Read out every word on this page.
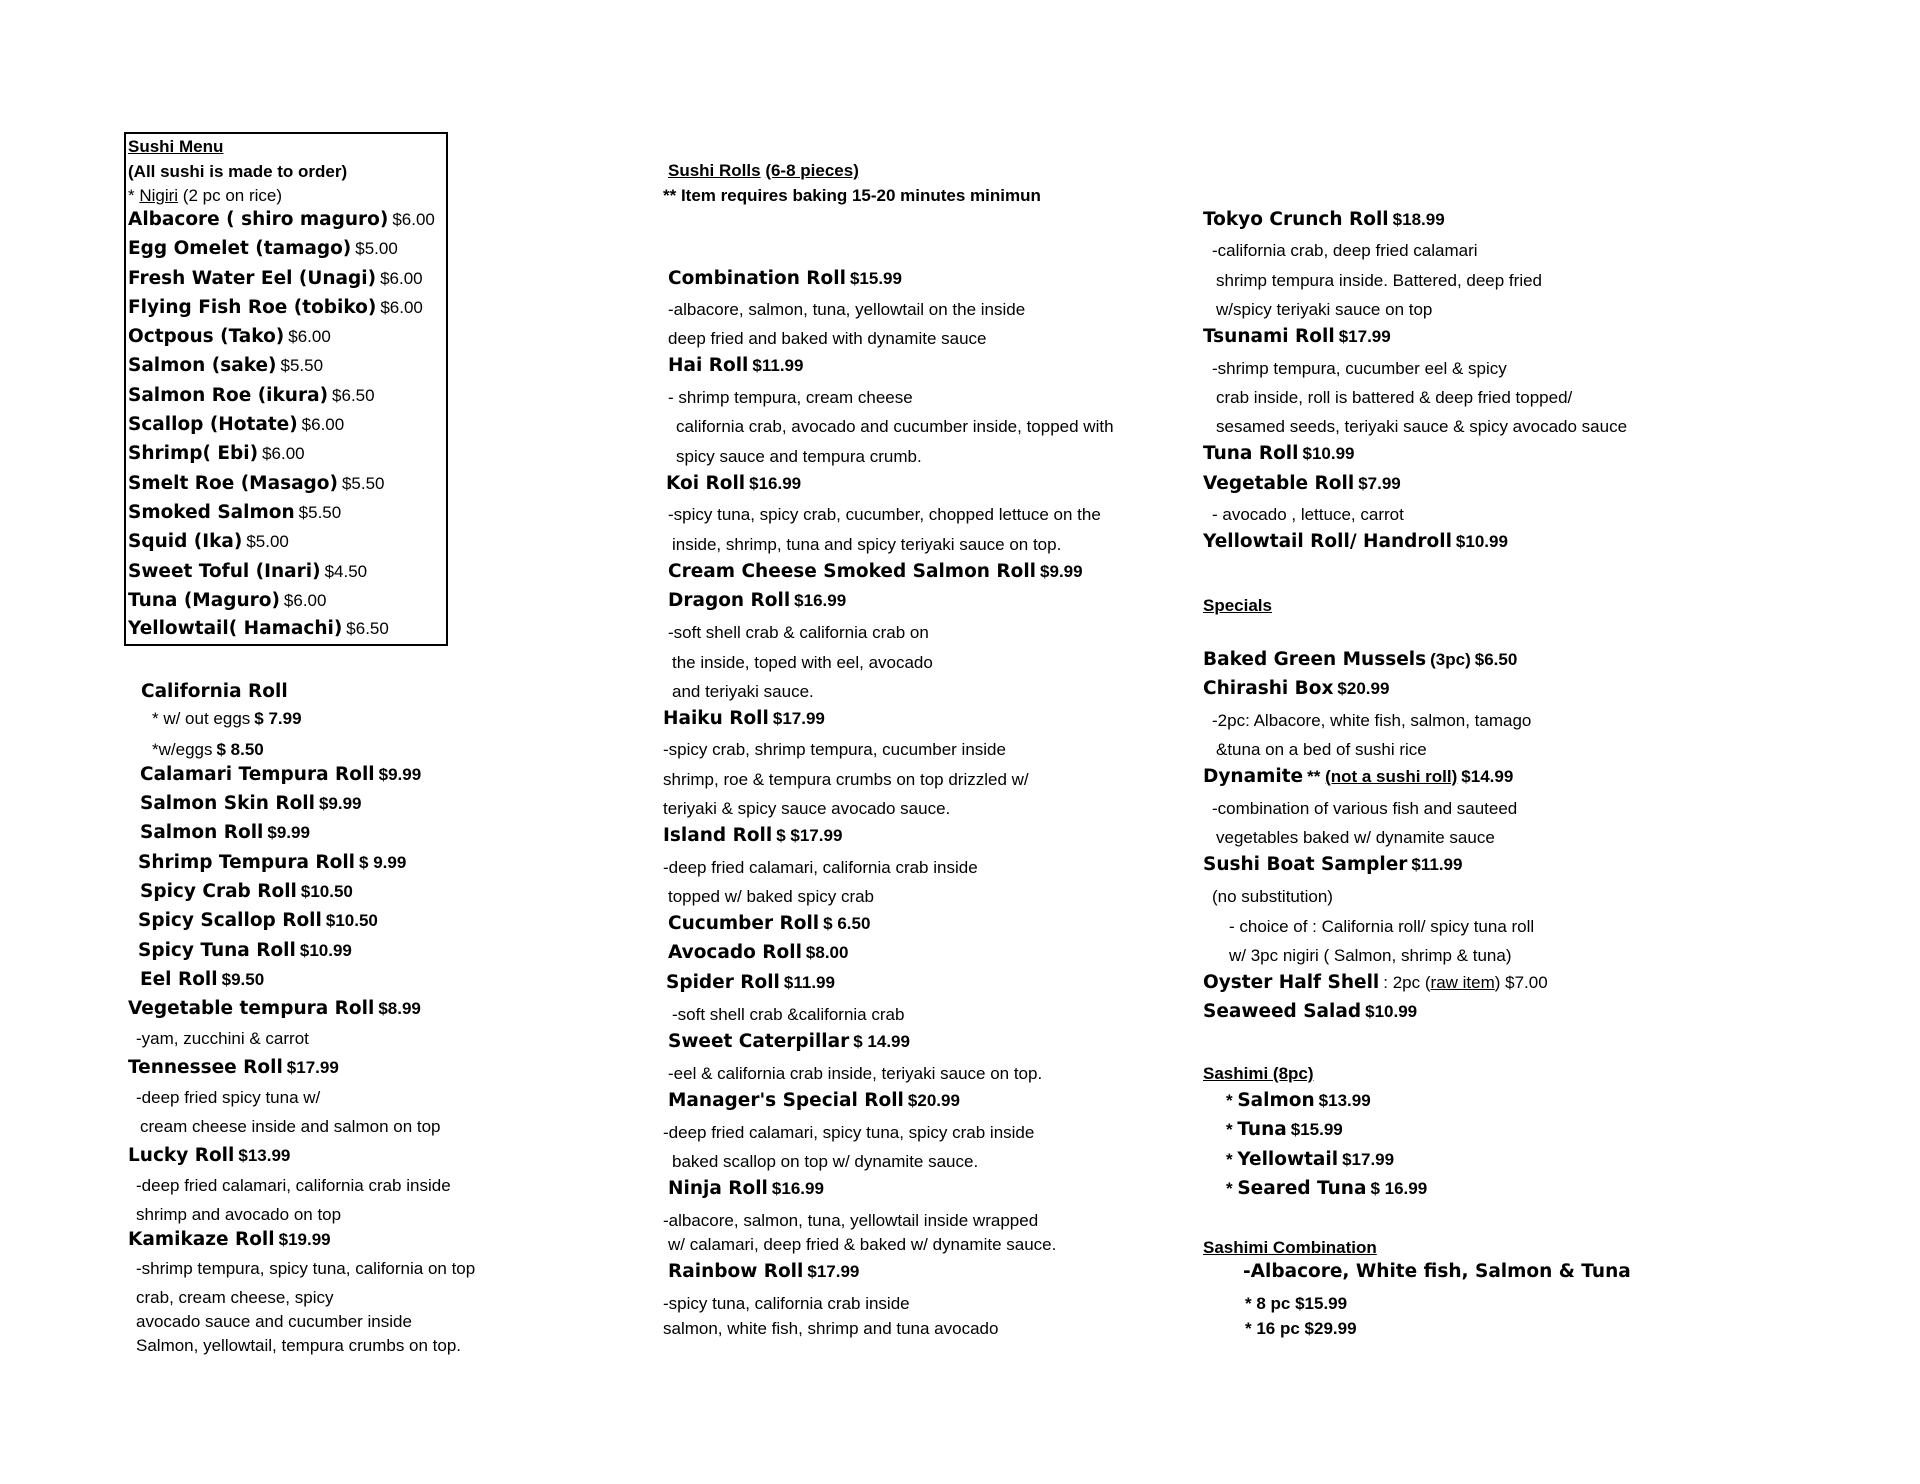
Sushi Menu
(All sushi is made to order)
* Nigiri (2 pc on rice)
Albacore ( shiro maguro) $6.00
Egg Omelet (tamago) $5.00
Fresh Water Eel (Unagi) $6.00
Flying Fish Roe (tobiko) $6.00
Octpous (Tako) $6.00
Salmon (sake) $5.50
Salmon Roe (ikura) $6.50
Scallop (Hotate) $6.00
Shrimp( Ebi) $6.00
Smelt Roe (Masago) $5.50
Smoked Salmon $5.50
Squid (Ika) $5.00
Sweet Toful (Inari) $4.50
Tuna (Maguro) $6.00
Yellowtail( Hamachi) $6.50
California Roll
* w/ out eggs $ 7.99
*w/eggs $ 8.50
Calamari Tempura Roll $9.99
Salmon Skin Roll $9.99
Salmon Roll $9.99
Shrimp Tempura Roll $ 9.99
Spicy Crab Roll $10.50
Spicy Scallop Roll $10.50
Spicy Tuna Roll $10.99
Eel Roll $9.50
Vegetable tempura Roll $8.99
-yam, zucchini & carrot
Tennessee Roll $17.99
-deep fried spicy tuna w/
cream cheese inside and salmon on top
Lucky Roll $13.99
-deep fried calamari, california crab inside
shrimp and avocado on top
Kamikaze Roll $19.99
-shrimp tempura, spicy tuna, california on top
crab, cream cheese, spicy
avocado sauce and cucumber inside
Salmon, yellowtail, tempura crumbs on top.
Sushi Rolls (6-8 pieces)
** Item requires baking 15-20 minutes minimun
Combination Roll $15.99
-albacore, salmon, tuna, yellowtail on the inside
deep fried and baked with dynamite sauce
Hai Roll $11.99
- shrimp tempura, cream cheese
california crab, avocado and cucumber inside, topped with
spicy sauce and tempura crumb.
Koi Roll $16.99
-spicy tuna, spicy crab, cucumber, chopped lettuce on the
inside, shrimp, tuna and spicy teriyaki sauce on top.
Cream Cheese Smoked Salmon Roll $9.99
Dragon Roll $16.99
-soft shell crab & california crab on
the inside, toped with eel, avocado
and teriyaki sauce.
Haiku Roll $17.99
-spicy crab, shrimp tempura, cucumber inside
shrimp, roe & tempura crumbs on top drizzled w/
teriyaki & spicy sauce avocado sauce.
Island Roll $ $17.99
-deep fried calamari, california crab inside
topped w/ baked spicy crab
Cucumber Roll $ 6.50
Avocado Roll $8.00
Spider Roll $11.99
-soft shell crab &california crab
Sweet Caterpillar $ 14.99
-eel & california crab inside, teriyaki sauce on top.
Manager's Special Roll $20.99
-deep fried calamari, spicy tuna, spicy crab inside
baked scallop on top w/ dynamite sauce.
Ninja Roll $16.99
-albacore, salmon, tuna, yellowtail inside wrapped
w/ calamari, deep fried & baked w/ dynamite sauce.
Rainbow Roll $17.99
-spicy tuna, california crab inside
salmon, white fish, shrimp and tuna avocado
Tokyo Crunch Roll $18.99
-california crab, deep fried calamari
shrimp tempura inside. Battered, deep fried
w/spicy teriyaki sauce on top
Tsunami Roll $17.99
-shrimp tempura, cucumber eel & spicy
crab inside, roll is battered & deep fried topped/
sesamed seeds, teriyaki sauce & spicy avocado sauce
Tuna Roll $10.99
Vegetable Roll $7.99
- avocado , lettuce, carrot
Yellowtail Roll/ Handroll $10.99
Specials
Baked Green Mussels (3pc) $6.50
Chirashi Box $20.99
-2pc: Albacore, white fish, salmon, tamago
&tuna on a bed of sushi rice
Dynamite ** (not a sushi roll) $14.99
-combination of various fish and sauteed
vegetables baked w/ dynamite sauce
Sushi Boat Sampler $11.99
(no substitution)
- choice of : California roll/ spicy tuna roll
w/ 3pc nigiri ( Salmon, shrimp & tuna)
Oyster Half Shell : 2pc (raw item) $7.00
Seaweed Salad $10.99
Sashimi (8pc)
* Salmon $13.99
* Tuna $15.99
* Yellowtail $17.99
* Seared Tuna $ 16.99
Sashimi Combination
-Albacore, White fish, Salmon & Tuna
* 8 pc $15.99
* 16 pc $29.99
